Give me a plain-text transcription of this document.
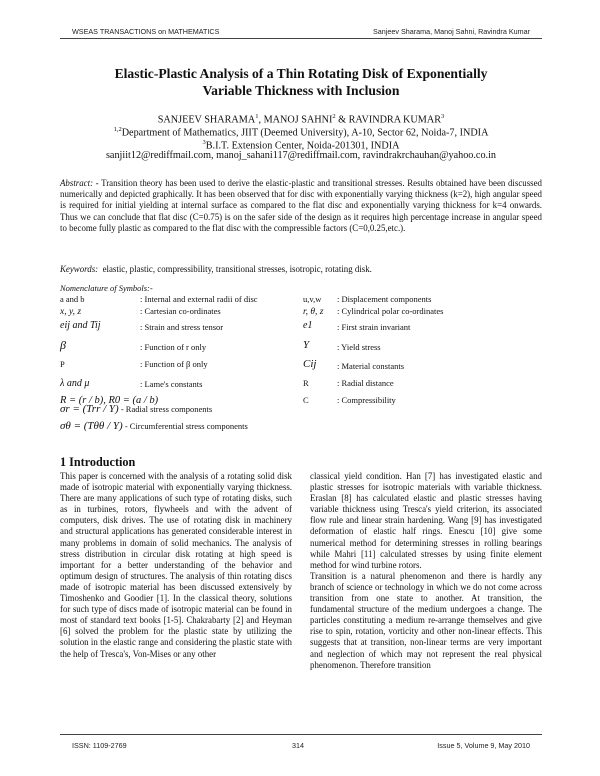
WSEAS TRANSACTIONS on MATHEMATICS	Sanjeev Sharama, Manoj Sahni, Ravindra Kumar
Elastic-Plastic Analysis of a Thin Rotating Disk of Exponentially
Variable Thickness with Inclusion
SANJEEV SHARAMA$^1$, MANOJ SAHNI$^2$ & RAVINDRA KUMAR$^3$
$^{1,2}$Department of Mathematics, JIIT (Deemed University), A-10, Sector 62, Noida-7, INDIA
$^3$B.I.T. Extension Center, Noida-201301, INDIA
sanjiit12@rediffmail.com, manoj_sahani117@rediffmail.com, ravindrakrchauhan@yahoo.co.in
Abstract: - Transition theory has been used to derive the elastic-plastic and transitional stresses. Results obtained have been discussed numerically and depicted graphically. It has been observed that for disc with exponentially varying thickness (k=2), high angular speed is required for initial yielding at internal surface as compared to the flat disc and exponentially varying thickness for k=4 onwards. Thus we can conclude that flat disc (C=0.75) is on the safer side of the design as it requires high percentage increase in angular speed to become fully plastic as compared to the flat disc with the compressible factors (C=0,0.25,etc.).
Keywords: elastic, plastic, compressibility, transitional stresses, isotropic, rotating disk.
Nomenclature of Symbols:-
a and b	: Internal and external radii of disc
x, y, z	: Cartesian co-ordinates
eij and Tij	: Strain and stress tensor
β	: Function of r only
P	: Function of β only
λ and μ	: Lame's constants
R = (r / b), R0 = (a / b)
u,v,w : Displacement components
r, θ, z : Cylindrical polar co-ordinates
e1	: First strain invariant
Y	: Yield stress
Cij : Material constants
R	: Radial distance
C	: Compressibility
σr = (Trr / Y) - Radial stress components
σθ = (Tθθ / Y) - Circumferential stress components
1 Introduction

This paper is concerned with the analysis of a rotating solid disk made of isotropic material with exponentially varying thickness. There are many applications of such type of rotating disks, such as in turbines, rotors, flywheels and with the advent of computers, disk drives. The use of rotating disk in machinery and structural applications has generated considerable interest in many problems in domain of solid mechanics. The analysis of stress distribution in circular disk rotating at high speed is important for a better understanding of the behavior and optimum design of structures. The analysis of thin rotating discs made of isotropic material has been discussed extensively by Timoshenko and Goodier [1]. In the classical theory, solutions for such type of discs made of isotropic material can be found in most of standard text books [1-5]. Chakrabarty [2] and Heyman [6] solved the problem for the plastic state by utilizing the solution in the elastic range and considering the plastic state with the help of Tresca's, Von-Mises or any other

classical yield condition. Han [7] has investigated elastic and plastic stresses for isotropic materials with variable thickness. Eraslan [8] has calculated elastic and plastic stresses having variable thickness using Tresca's yield criterion, its associated flow rule and linear strain hardening. Wang [9] has investigated deformation of elastic half rings. Enescu [10] give some numerical method for determining stresses in rolling bearings while Mahri [11] calculated stresses by using finite element method for wind turbine rotors.

Transition is a natural phenomenon and there is hardly any branch of science or technology in which we do not come across transition from one state to another. At transition, the fundamental structure of the medium undergoes a change. The particles constituting a medium re-arrange themselves and give rise to spin, rotation, vorticity and other non-linear effects. This suggests that at transition, non-linear terms are very important and neglection of which may not represent the real physical phenomenon. Therefore transition

ISSN: 1109-2769	314	Issue 5, Volume 9, May 2010
